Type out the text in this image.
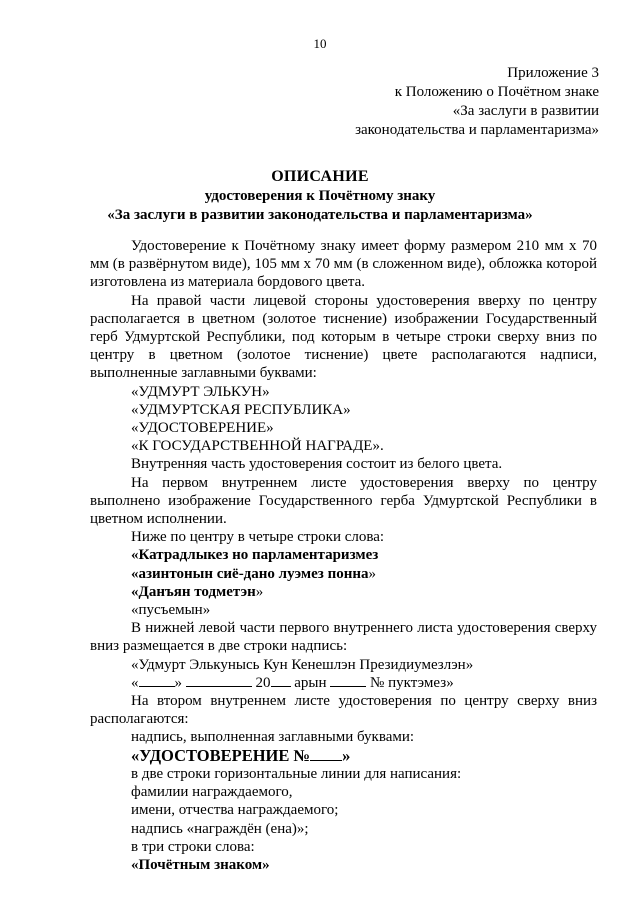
10
Приложение 3
к Положению о Почётном знаке
«За заслуги в развитии
законодательства и парламентаризма»
ОПИСАНИЕ
удостоверения к Почётному знаку
«За заслуги в развитии законодательства и парламентаризма»

Удостоверение к Почётному знаку имеет форму размером 210 мм х 70 мм (в развёрнутом виде), 105 мм х 70 мм (в сложенном виде), обложка которой изготовлена из материала бордового цвета.

На правой части лицевой стороны удостоверения вверху по центру располагается в цветном (золотое тиснение) изображении Государственный герб Удмуртской Республики, под которым в четыре строки сверху вниз по центру в цветном (золотое тиснение) цвете располагаются надписи, выполненные заглавными буквами:

«УДМУРТ ЭЛЬКУН»

«УДМУРТСКАЯ РЕСПУБЛИКА»

«УДОСТОВЕРЕНИЕ»

«К ГОСУДАРСТВЕННОЙ НАГРАДЕ».

Внутренняя часть удостоверения состоит из белого цвета.

На первом внутреннем листе удостоверения вверху по центру выполнено изображение Государственного герба Удмуртской Республики в цветном исполнении.

Ниже по центру в четыре строки слова:

«Катрадлыкез но парламентаризмез

«азинтонын сиё-дано луэмез понна»

«Данъян тодметэн»

«пусъемын»

В нижней левой части первого внутреннего листа удостоверения сверху вниз размещается в две строки надпись:

«Удмурт Элькуныcь Кун Кенешлэн Президиумезлэн»

« »	20 арын	№ пуктэмез»

На втором внутреннем листе удостоверения по центру сверху вниз располагаются:

надпись, выполненная заглавными буквами:

«УДОСТОВЕРЕНИЕ № »

в две строки горизонтальные линии для написания:

фамилии награждаемого,

имени, отчества награждаемого;

надпись «награждён (ена)»;

в три строки слова:

«Почётным знаком»
